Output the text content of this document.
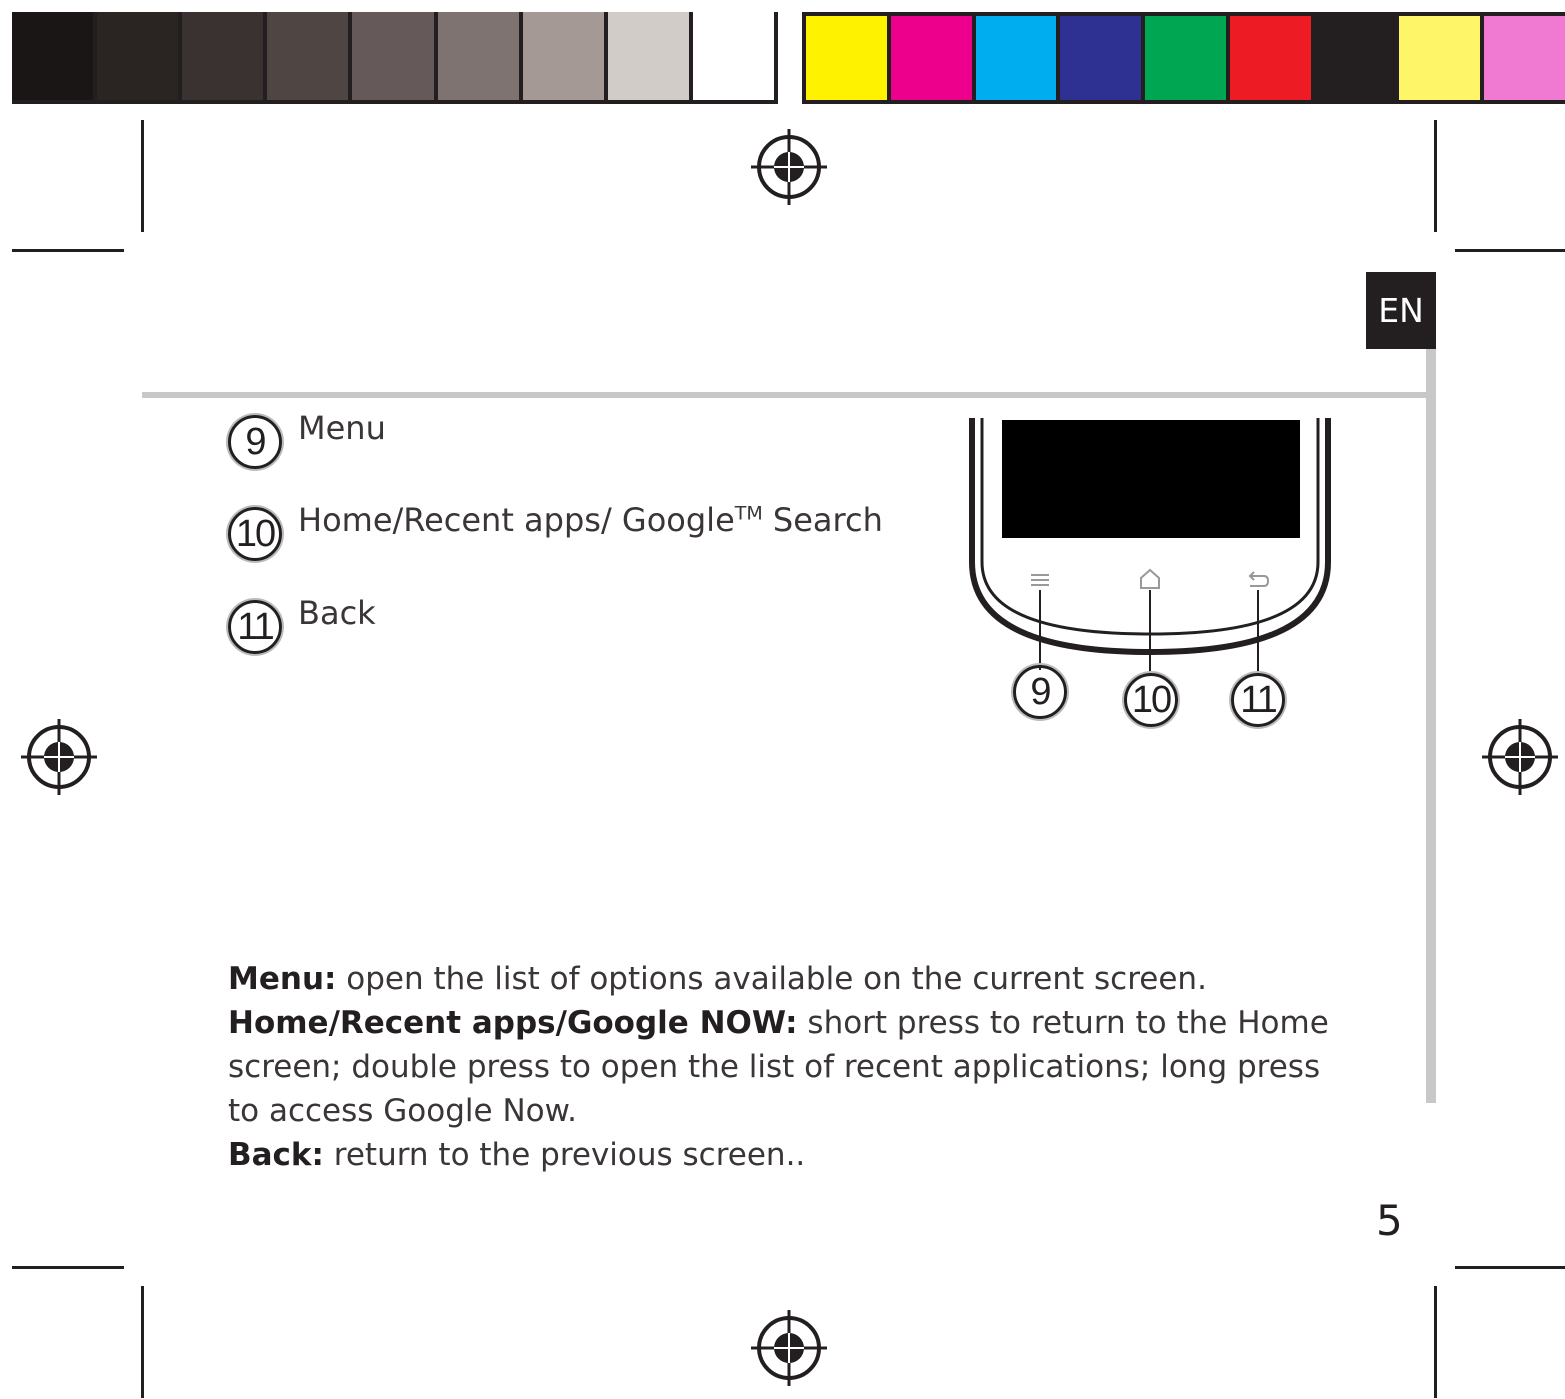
EN
9	Menu
10 Home/Recent apps/ Google™ Search
11 Back
9	10 11

Menu: open the list of options available on the current screen.

Home/Recent apps/Google NOW: short press to return to the Home screen; double press to open the list of recent applications; long press to access Google Now.

Back: return to the previous screen..

5
